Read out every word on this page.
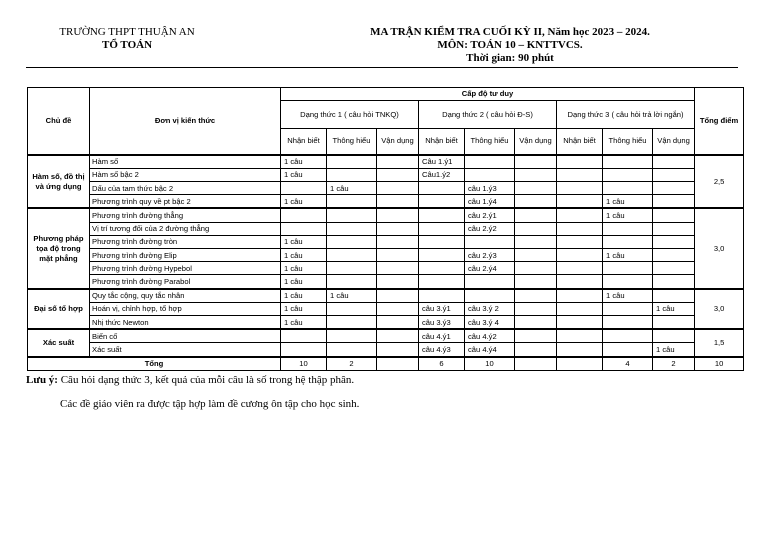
TRƯỜNG THPT THUẬN AN
TỔ TOÁN
MA TRẬN KIỂM TRA CUỐI KỲ II, Năm học 2023 – 2024.
MÔN: TOÁN 10 – KNTTVCS.
Thời gian: 90 phút
Chủ đề	Đơn vị kiến thức	Cấp độ tư duy									Tổng điểm
		Dạng thức 1 ( câu hỏi TNKQ)			Dạng thức 2 ( câu hỏi Đ-S)			Dạng thức 3 ( câu hỏi trả lời ngắn)			
		Nhận biết	Thông hiểu	Vận dụng	Nhận biết	Thông hiểu	Vận dụng	Nhận biết	Thông hiểu	Vận dụng	
Hàm số, đồ thị và ứng dụng	Hàm số	1 câu			Câu 1.ý1						2,5
	Hàm số bậc 2	1 câu			Câu1.ý2						
	Dấu của tam thức bậc 2		1 câu			câu 1.ý3					
	Phương trình quy về pt bậc 2	1 câu				câu 1.ý4			1 câu		
Phương pháp tọa độ trong mặt phẳng	Phương trình đường thẳng					câu 2.ý1			1 câu		3,0
	Vị trí tương đối của 2 đường thẳng					câu 2.ý2					
	Phương trình đường tròn	1 câu									
	Phương trình đường Elip	1 câu				câu 2.ý3			1 câu		
	Phương trình đường Hypebol	1 câu				câu 2.ý4					
	Phương trình đường Parabol	1 câu									
Đại số tổ hợp	Quy tắc cộng, quy tắc nhân	1 câu	1 câu						1 câu		3,0
	Hoán vị, chỉnh hợp, tổ hợp	1 câu			câu 3.ý1	câu 3.ý 2				1 câu	
	Nhị thức Newton	1 câu			câu 3.ý3	câu 3.ý 4					
Xác suất	Biến cố				câu 4.ý1	câu 4.ý2					1,5
	Xác suất				câu 4.ý3	câu 4.ý4				1 câu	
Tổng		10	2		6	10			4	2	10
Lưu ý: Câu hỏi dạng thức 3, kết quả của mỗi câu là số trong hệ thập phân.
Các đề giáo viên ra được tập hợp làm đề cương ôn tập cho học sinh.
